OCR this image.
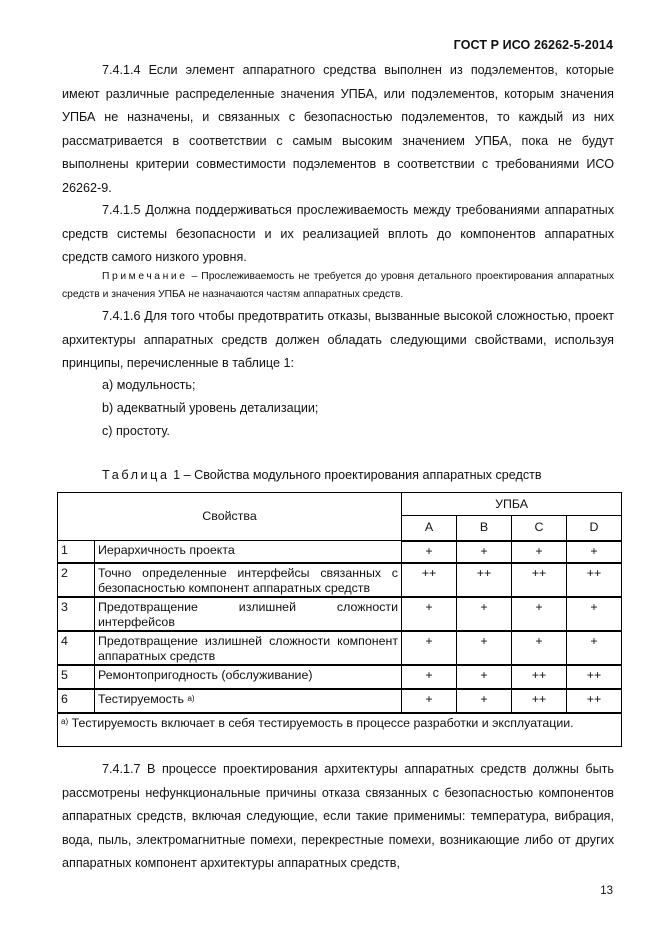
ГОСТ Р ИСО 26262-5-2014

7.4.1.4 Если элемент аппаратного средства выполнен из подэлементов, которые имеют различные распределенные значения УПБА, или подэлементов, которым значения УПБА не назначены, и связанных с безопасностью подэлементов, то каждый из них рассматривается в соответствии с самым высоким значением УПБА, пока не будут выполнены критерии совместимости подэлементов в соответствии с требованиями ИСО 26262-9.

7.4.1.5 Должна поддерживаться прослеживаемость между требованиями аппаратных средств системы безопасности и их реализацией вплоть до компонентов аппаратных средств самого низкого уровня.

Примечание – Прослеживаемость не требуется до уровня детального проектирования аппаратных средств и значения УПБА не назначаются частям аппаратных средств.

7.4.1.6 Для того чтобы предотвратить отказы, вызванные высокой сложностью, проект архитектуры аппаратных средств должен обладать следующими свойствами, используя принципы, перечисленные в таблице 1:

а) модульность;
b) адекватный уровень детализации;
c) простоту.
Таблица 1 – Свойства модульного проектирования аппаратных средств
Свойства		УПБА			
		A	B	C	D
1	Иерархичность проекта	+	+	+	+
2	Точно определенные интерфейсы связанных с безопасностью компонент аппаратных средств	++	++	++	++
3	Предотвращение излишней сложности интерфейсов	+	+	+	+
4	Предотвращение излишней сложности компонент аппаратных средств	+	+	+	+
5	Ремонтопригодность (обслуживание)	+	+	++	++
6	Тестируемость $^{a)}$	+	+	++	++
$^{a)}$ Тестируемость включает в себя тестируемость в процессе разработки и эксплуатации.					

7.4.1.7 В процессе проектирования архитектуры аппаратных средств должны быть рассмотрены нефункциональные причины отказа связанных с безопасностью компонентов аппаратных средств, включая следующие, если такие применимы: температура, вибрация, вода, пыль, электромагнитные помехи, перекрестные помехи, возникающие либо от других аппаратных компонент архитектуры аппаратных средств,

13
